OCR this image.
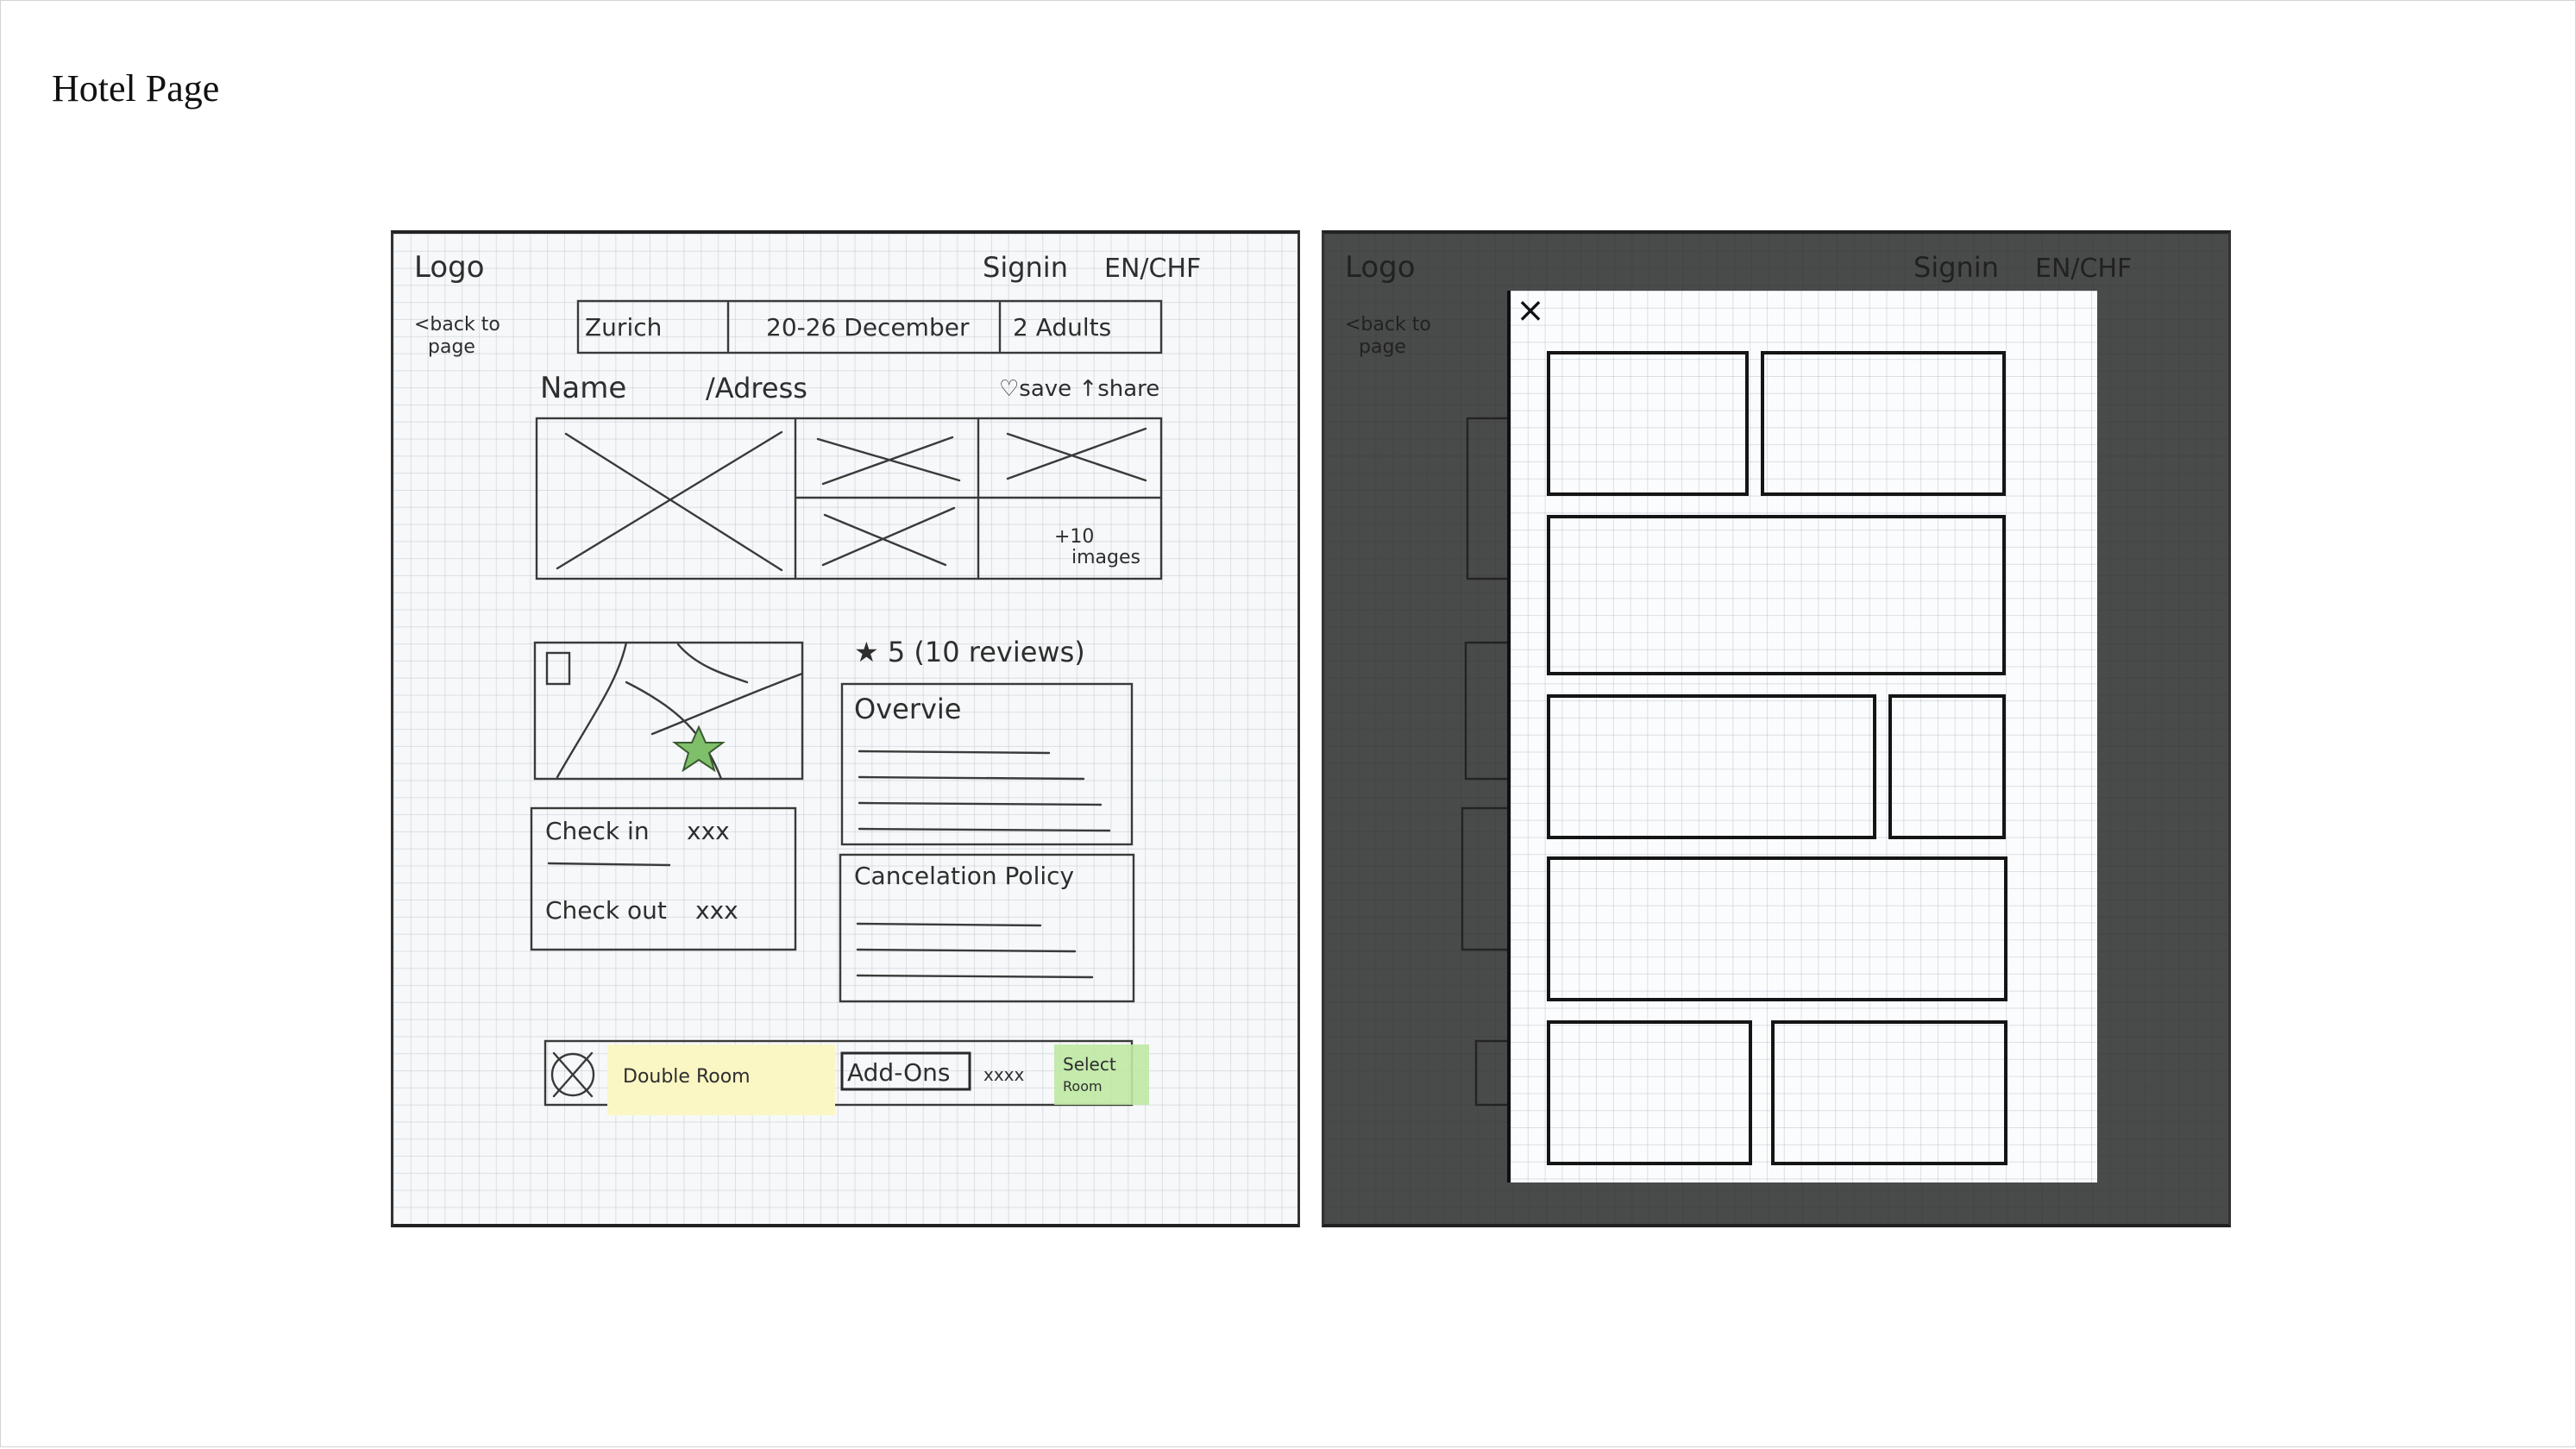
Hotel Page
Logo	Signin EN/CHF
<back to
page
Zurich	20-26 December 2 Adults
Name	/Adress	♡save ↑share
+10
images
★ 5 (10 reviews)
Overvie
Check in xxx
Check out xxx
Cancelation Policy
Double Room	Add-Ons xxxx Select
Room
×
